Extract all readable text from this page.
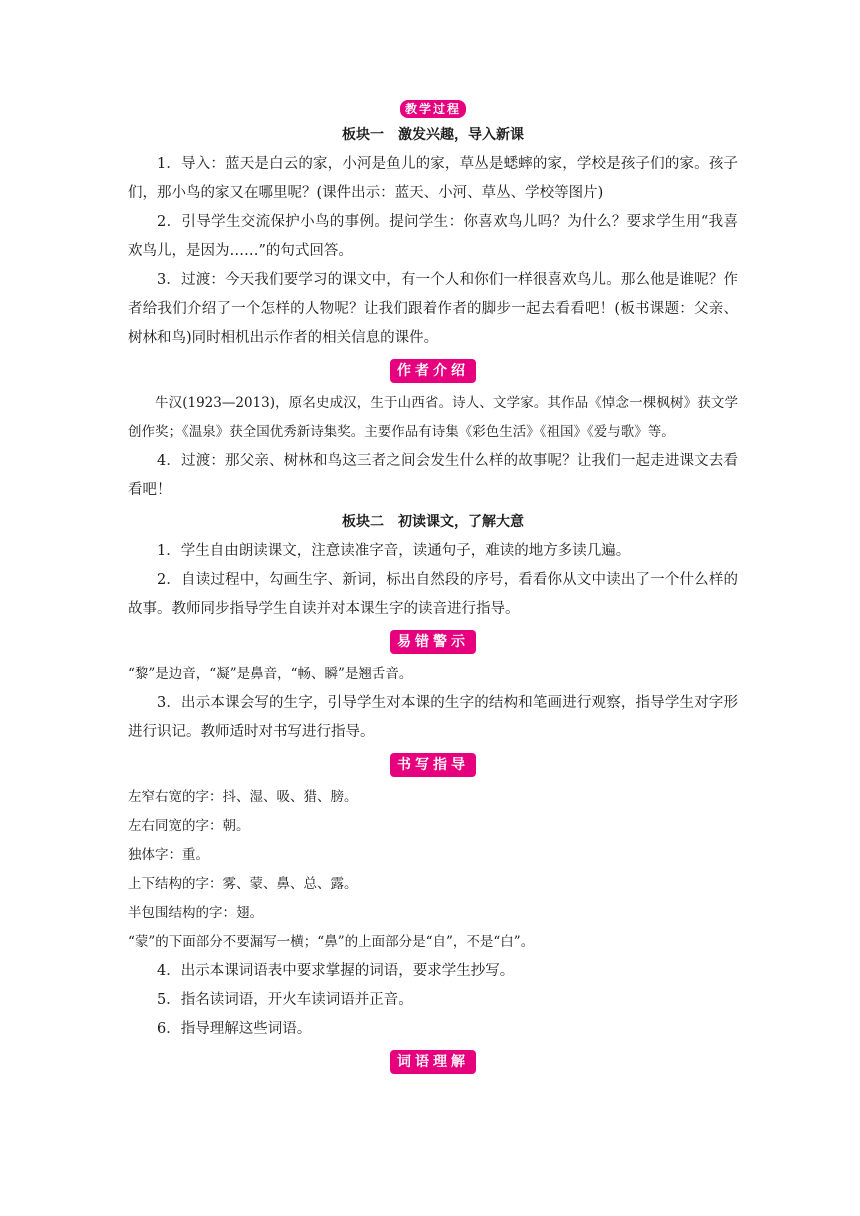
教学过程
板块一　激发兴趣，导入新课

1．导入：蓝天是白云的家，小河是鱼儿的家，草丛是蟋蟀的家，学校是孩子们的家。孩子们，那小鸟的家又在哪里呢？(课件出示：蓝天、小河、草丛、学校等图片)

2．引导学生交流保护小鸟的事例。提问学生：你喜欢鸟儿吗？为什么？要求学生用“我喜欢鸟儿，是因为……”的句式回答。

3．过渡：今天我们要学习的课文中，有一个人和你们一样很喜欢鸟儿。那么他是谁呢？作者给我们介绍了一个怎样的人物呢？让我们跟着作者的脚步一起去看看吧！(板书课题：父亲、树林和鸟)同时相机出示作者的相关信息的课件。

作者介绍

牛汉(1923—2013)，原名史成汉，生于山西省。诗人、文学家。其作品《悼念一棵枫树》获文学创作奖；《温泉》获全国优秀新诗集奖。主要作品有诗集《彩色生活》《祖国》《爱与歌》等。

4．过渡：那父亲、树林和鸟这三者之间会发生什么样的故事呢？让我们一起走进课文去看看吧！

板块二　初读课文，了解大意

1．学生自由朗读课文，注意读准字音，读通句子，难读的地方多读几遍。

2．自读过程中，勾画生字、新词，标出自然段的序号，看看你从文中读出了一个什么样的故事。教师同步指导学生自读并对本课生字的读音进行指导。

易错警示

“黎”是边音，“凝”是鼻音，“畅、瞬”是翘舌音。

3．出示本课会写的生字，引导学生对本课的生字的结构和笔画进行观察，指导学生对字形进行识记。教师适时对书写进行指导。

书写指导

左窄右宽的字：抖、湿、吸、猎、膀。

左右同宽的字：朝。

独体字：重。

上下结构的字：雾、蒙、鼻、总、露。

半包围结构的字：翅。

“蒙”的下面部分不要漏写一横；“鼻”的上面部分是“自”，不是“白”。

4．出示本课词语表中要求掌握的词语，要求学生抄写。

5．指名读词语，开火车读词语并正音。

6．指导理解这些词语。

词语理解
